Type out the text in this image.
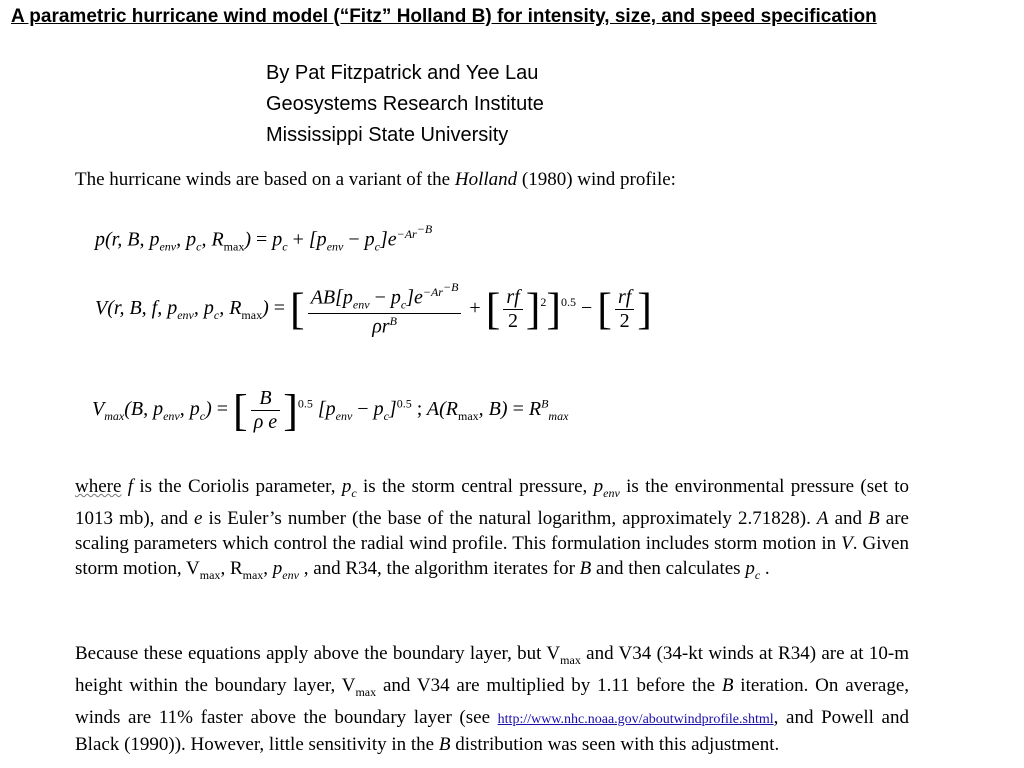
A parametric hurricane wind model (“Fitz” Holland B) for intensity, size, and speed specification
By Pat Fitzpatrick and Yee Lau
Geosystems Research Institute
Mississippi State University
The hurricane winds are based on a variant of the Holland (1980) wind profile:
p(r, B, $p_{env}$, $p_c$, $R_{max}) = p_c + [p_{env} - p_c]e^{-Ar^{-B}}$
V(r, B, f, $p_{env}$, $p_c$, $R_{max}$) = [ $\frac{AB[p_{env} - p_c]e^{-Ar^{-B}}}{\rho r^B}$ + [ $\frac{rf}{2} ]^2]^{0.5}$ − [ $\frac{rf}{2}$ ]
$V_{max}(B$, $p_{env}$, $p_c$) = [ $\frac{B}{\text{ρ e}} ]^{0.5}$ $[p_{env} - p_c]^{0.5}$ ; $A(R_{max}$, $B) = R^B_{max}$
where f is the Coriolis parameter, $p_c$ is the storm central pressure, $p_{env}$ is the environmental pressure (set to 1013 mb), and e is Euler’s number (the base of the natural logarithm, approximately 2.71828). A and B are scaling parameters which control the radial wind profile. This formulation includes storm motion in V. Given storm motion, $V_{max}$, $R_{max}$, $p_{env}$ , and R34, the algorithm iterates for B and then calculates $p_c$ .
Because these equations apply above the boundary layer, but $V_{max}$ and V34 (34-kt winds at R34) are at 10-m height within the boundary layer, $V_{max}$ and V34 are multiplied by 1.11 before the B iteration. On average, winds are 11% faster above the boundary layer (see http://www.nhc.noaa.gov/aboutwindprofile.shtml, and Powell and Black (1990)). However, little sensitivity in the B distribution was seen with this adjustment.
